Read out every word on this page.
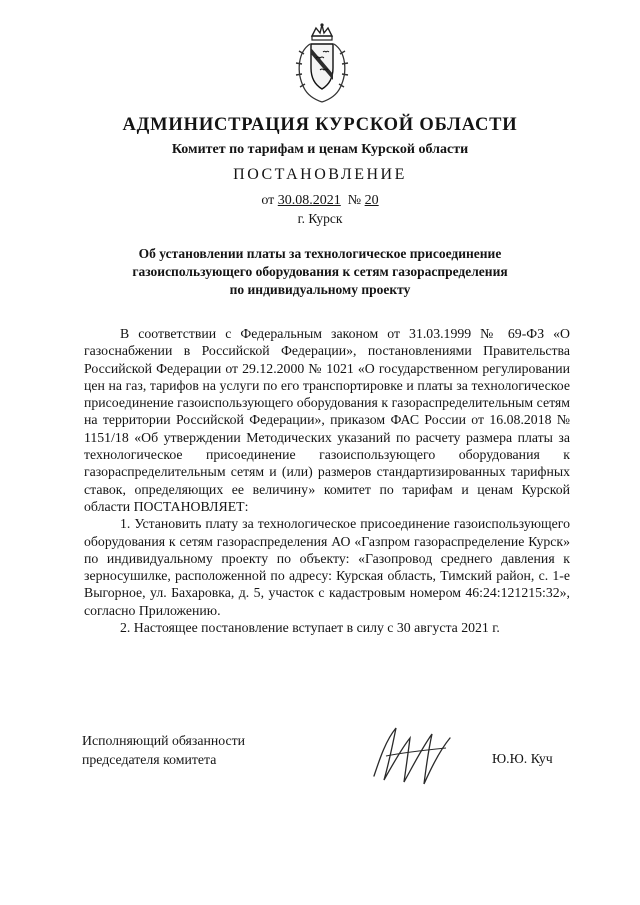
АДМИНИСТРАЦИЯ КУРСКОЙ ОБЛАСТИ
Комитет по тарифам и ценам Курской области
ПОСТАНОВЛЕНИЕ
от 30.08.2021 № 20
г. Курск
Об установлении платы за технологическое присоединение
газоиспользующего оборудования к сетям газораспределения
по индивидуальному проекту

В соответствии с Федеральным законом от 31.03.1999 № 69-ФЗ «О газоснабжении в Российской Федерации», постановлениями Правительства Российской Федерации от 29.12.2000 № 1021 «О государственном регулировании цен на газ, тарифов на услуги по его транспортировке и платы за технологическое присоединение газоиспользующего оборудования к газораспределительным сетям на территории Российской Федерации», приказом ФАС России от 16.08.2018 № 1151/18 «Об утверждении Методических указаний по расчету размера платы за технологическое присоединение газоиспользующего оборудования к газораспределительным сетям и (или) размеров стандартизированных тарифных ставок, определяющих ее величину» комитет по тарифам и ценам Курской области ПОСТАНОВЛЯЕТ:

1. Установить плату за технологическое присоединение газоиспользующего оборудования к сетям газораспределения АО «Газпром газораспределение Курск» по индивидуальному проекту по объекту: «Газопровод среднего давления к зерносушилке, расположенной по адресу: Курская область, Тимский район, с. 1-е Выгорное, ул. Бахаровка, д. 5, участок с кадастровым номером 46:24:121215:32», согласно Приложению.

2. Настоящее постановление вступает в силу с 30 августа 2021 г.

Исполняющий обязанности
председателя комитета	Ю.Ю. Куч
